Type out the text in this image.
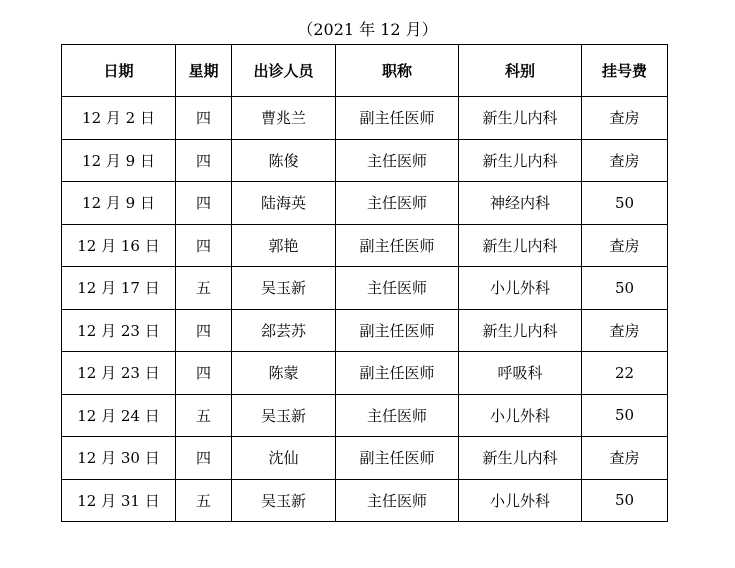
（2021 年 12 月）
日期	星期	出诊人员	职称	科别	挂号费
12 月 2 日	四	曹兆兰	副主任医师	新生儿内科	查房
12 月 9 日	四	陈俊	主任医师	新生儿内科	查房
12 月 9 日	四	陆海英	主任医师	神经内科	50
12 月 16 日	四	郭艳	副主任医师	新生儿内科	查房
12 月 17 日	五	吴玉新	主任医师	小儿外科	50
12 月 23 日	四	郐芸苏	副主任医师	新生儿内科	查房
12 月 23 日	四	陈蒙	副主任医师	呼吸科	22
12 月 24 日	五	吴玉新	主任医师	小儿外科	50
12 月 30 日	四	沈仙	副主任医师	新生儿内科	查房
12 月 31 日	五	吴玉新	主任医师	小儿外科	50
